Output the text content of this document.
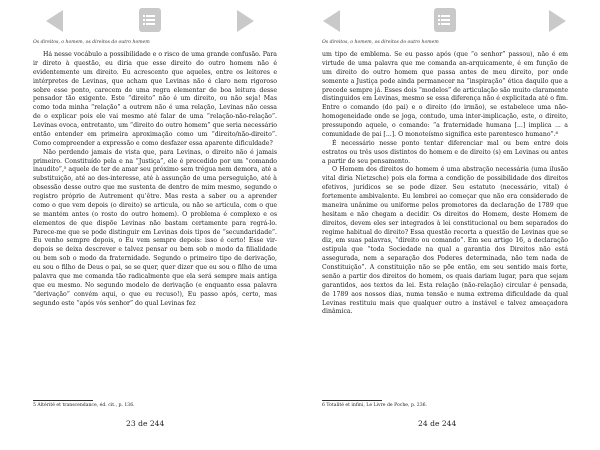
Os direitos, o homem, os direitos do outro homem

Há nesse vocábulo a possibilidade e o risco de uma grande confusão. Para ir direto à questão, eu diria que esse direito do outro homem não é evidentemente um direito. Eu acrescento que aqueles, entre os leitores e intérpretes de Levinas, que acham que Levinas não é claro nem rigoroso sobre esse ponto, carecem de uma regra elementar de boa leitura desse pensador tão exigente. Este “direito” não é um direito, ou não seja! Mas como toda minha “relação” a outrem não é uma relação, Levinas não cessa de o explicar pois ele vai mesmo até falar de uma “relação-não-relação”. Levinas evoca, entretanto, um “direito do outro homem” que seria necessário então entender em primeira aproximação como um “direito/não-direito”. Como compreender a expressão e como desfazer essa aparente dificuldade?

Não perdendo jamais de vista que, para Levinas, o direito não é jamais primeiro. Constituído pela e na “Justiça”, ele é precedido por um “comando inaudito”,⁵ aquele de ter de amar seu próximo sem trégua nem demora, até a substituição, até ao des-interesse, até à assunção de uma perseguição, até à obsessão desse outro que me sustenta de dentro de mim mesmo, segundo o registro próprio de Autrement qu’être. Mas resta a saber ou a aprender como o que vem depois (o direito) se articula, ou não se articula, com o que se mantém antes (o rosto do outro homem). O problema é complexo e os elementos de que dispõe Levinas não bastam certamente para regrá-lo. Parece-me que se pode distinguir em Levinas dois tipos de “secundaridade”. Eu venho sempre depois, o Eu vem sempre depois: isso é certo! Esse vir-depois se deixa descrever e talvez pensar ou bem sob o modo da filialidade ou bem sob o modo da fraternidade. Segundo o primeiro tipo de derivação, eu sou o filho de Deus o pai, se se quer, quer dizer que eu sou o filho de uma palavra que me comanda tão radicalmente que ela será sempre mais antiga que eu mesmo. No segundo modelo de derivação (e enquanto essa palavra “derivação” convém aqui, o que eu recuso!), Eu passo após, certo, mas segundo este “após vós senhor” do qual Levinas fez

5 Altérité et transcendance, éd. cit., p. 136.
23 de 244
Os direitos, o homem, os direitos do outro homem

um tipo de emblema. Se eu passo após (que “o senhor” passou), não é em virtude de uma palavra que me comanda an-arquicamente, é em função de um direito do outro homem que passa antes de meu direito, por onde somente a Justiça pode ainda permanecer na “inspiração” ética daquilo que a precede sempre já. Esses dois “modelos” de articulação são muito claramente distinguidos em Levinas, mesmo se essa diferença não é explicitada até o fim. Entre o comando (do pai) e o direito (do irmão), se estabelece uma não-homogeneidade onde se joga, contudo, uma inter-implicação, este, o direito, pressupondo aquele, o comando: “a fraternidade humana [...] implica ... a comunidade de pai [...]. O monoteísmo significa este parentesco humano”.⁶

É necessário nesse ponto tentar diferenciar mal ou bem entre dois estratos ou três usos distintos do homem e de direito (s) em Levinas ou antes a partir de seu pensamento.

O Homem dos direitos do homem é uma abstração necessária (uma ilusão vital diria Nietzsche) pois ela forma a condição de possibilidade dos direitos efetivos, jurídicos se se pode dizer. Seu estatuto (necessário, vital) é fortemente ambivalente. Eu lembrei ao começar que não era considerado de maneira unânime ou uniforme pelos promotores da declaração de 1789 que hesitam e não chegam a decidir. Os direitos do Homem, deste Homem de direitos, devem eles ser integrados à lei constitucional ou bem separados do regime habitual do direito? Essa questão recorta a questão de Levinas que se diz, em suas palavras, “direito ou comando”. Em seu artigo 16, a declaração estipula que “toda Sociedade na qual a garantia dos Direitos não está assegurada, nem a separação dos Poderes determinada, não tem nada de Constituição”. A constituição não se põe então, em seu sentido mais forte, senão a partir dos direitos do homem, os quais dariam lugar, para que sejam garantidos, aos textos da lei. Esta relação (não-relação) circular é pensada, de 1789 aos nossos dias, numa tensão e numa extrema dificuldade da qual Levinas restituiu mais que qualquer outro a instável e talvez ameaçadora dinâmica.

6 Totalité et infini, Le Livre de Poche, p. 236.
24 de 244
